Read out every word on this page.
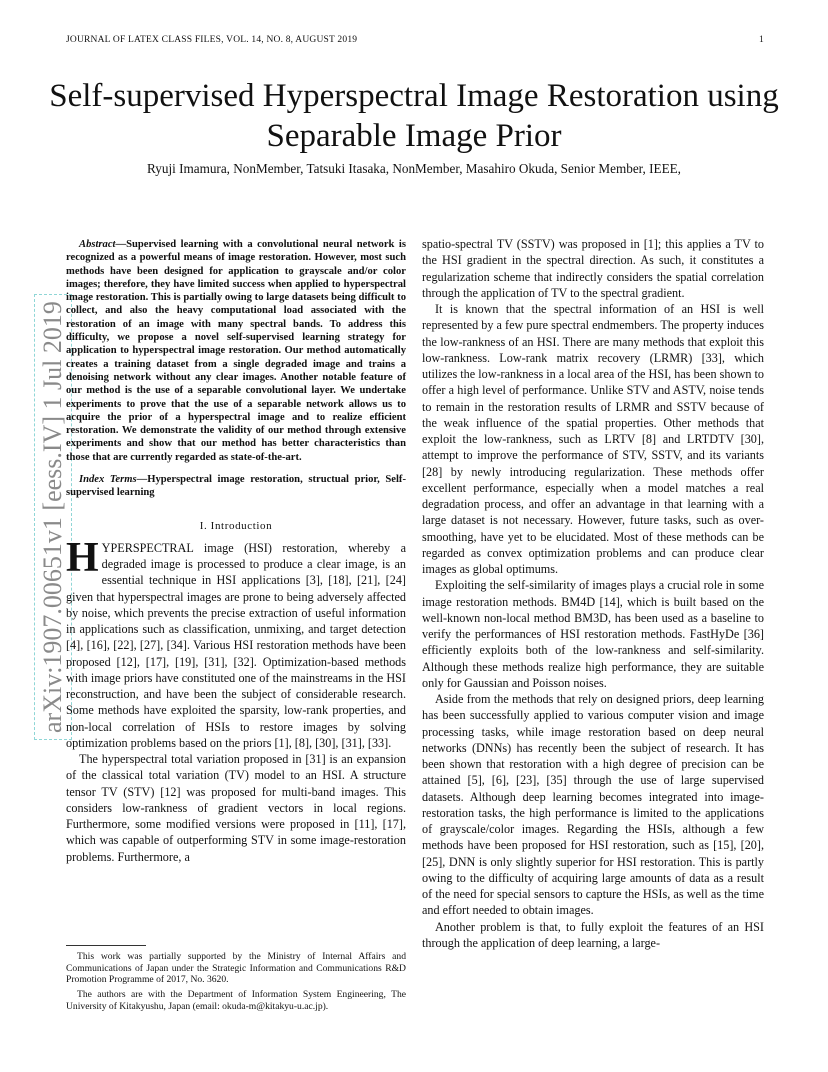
JOURNAL OF LATEX CLASS FILES, VOL. 14, NO. 8, AUGUST 2019	1
arXiv:1907.00651v1 [eess.IV] 1 Jul 2019
Self-supervised Hyperspectral Image Restoration using Separable Image Prior
Ryuji Imamura, NonMember, Tatsuki Itasaka, NonMember, Masahiro Okuda, Senior Member, IEEE,

Abstract—Supervised learning with a convolutional neural network is recognized as a powerful means of image restoration. However, most such methods have been designed for application to grayscale and/or color images; therefore, they have limited success when applied to hyperspectral image restoration. This is partially owing to large datasets being difficult to collect, and also the heavy computational load associated with the restoration of an image with many spectral bands. To address this difficulty, we propose a novel self-supervised learning strategy for application to hyperspectral image restoration. Our method automatically creates a training dataset from a single degraded image and trains a denoising network without any clear images. Another notable feature of our method is the use of a separable convolutional layer. We undertake experiments to prove that the use of a separable network allows us to acquire the prior of a hyperspectral image and to realize efficient restoration. We demonstrate the validity of our method through extensive experiments and show that our method has better characteristics than those that are currently regarded as state-of-the-art.

Index Terms—Hyperspectral image restoration, structual prior, Self-supervised learning

I. Introduction

HYPERSPECTRAL image (HSI) restoration, whereby a degraded image is processed to produce a clear image, is an essential technique in HSI applications [3], [18], [21], [24] given that hyperspectral images are prone to being adversely affected by noise, which prevents the precise extraction of useful information in applications such as classification, unmixing, and target detection [4], [16], [22], [27], [34]. Various HSI restoration methods have been proposed [12], [17], [19], [31], [32]. Optimization-based methods with image priors have constituted one of the mainstreams in the HSI reconstruction, and have been the subject of considerable research. Some methods have exploited the sparsity, low-rank properties, and non-local correlation of HSIs to restore images by solving optimization problems based on the priors [1], [8], [30], [31], [33].

The hyperspectral total variation proposed in [31] is an expansion of the classical total variation (TV) model to an HSI. A structure tensor TV (STV) [12] was proposed for multi-band images. This considers low-rankness of gradient vectors in local regions. Furthermore, some modified versions were proposed in [11], [17], which was capable of outperforming STV in some image-restoration problems. Furthermore, a

This work was partially supported by the Ministry of Internal Affairs and Communications of Japan under the Strategic Information and Communications R&D Promotion Programme of 2017, No. 3620.
The authors are with the Department of Information System Engineering, The University of Kitakyushu, Japan (email: okuda-m@kitakyu-u.ac.jp).

spatio-spectral TV (SSTV) was proposed in [1]; this applies a TV to the HSI gradient in the spectral direction. As such, it constitutes a regularization scheme that indirectly considers the spatial correlation through the application of TV to the spectral gradient.

It is known that the spectral information of an HSI is well represented by a few pure spectral endmembers. The property induces the low-rankness of an HSI. There are many methods that exploit this low-rankness. Low-rank matrix recovery (LRMR) [33], which utilizes the low-rankness in a local area of the HSI, has been shown to offer a high level of performance. Unlike STV and ASTV, noise tends to remain in the restoration results of LRMR and SSTV because of the weak influence of the spatial properties. Other methods that exploit the low-rankness, such as LRTV [8] and LRTDTV [30], attempt to improve the performance of STV, SSTV, and its variants [28] by newly introducing regularization. These methods offer excellent performance, especially when a model matches a real degradation process, and offer an advantage in that learning with a large dataset is not necessary. However, future tasks, such as over-smoothing, have yet to be elucidated. Most of these methods can be regarded as convex optimization problems and can produce clear images as global optimums.

Exploiting the self-similarity of images plays a crucial role in some image restoration methods. BM4D [14], which is built based on the well-known non-local method BM3D, has been used as a baseline to verify the performances of HSI restoration methods. FastHyDe [36] efficiently exploits both of the low-rankness and self-similarity. Although these methods realize high performance, they are suitable only for Gaussian and Poisson noises.

Aside from the methods that rely on designed priors, deep learning has been successfully applied to various computer vision and image processing tasks, while image restoration based on deep neural networks (DNNs) has recently been the subject of research. It has been shown that restoration with a high degree of precision can be attained [5], [6], [23], [35] through the use of large supervised datasets. Although deep learning becomes integrated into image-restoration tasks, the high performance is limited to the applications of grayscale/color images. Regarding the HSIs, although a few methods have been proposed for HSI restoration, such as [15], [20], [25], DNN is only slightly superior for HSI restoration. This is partly owing to the difficulty of acquiring large amounts of data as a result of the need for special sensors to capture the HSIs, as well as the time and effort needed to obtain images.

Another problem is that, to fully exploit the features of an HSI through the application of deep learning, a large-
